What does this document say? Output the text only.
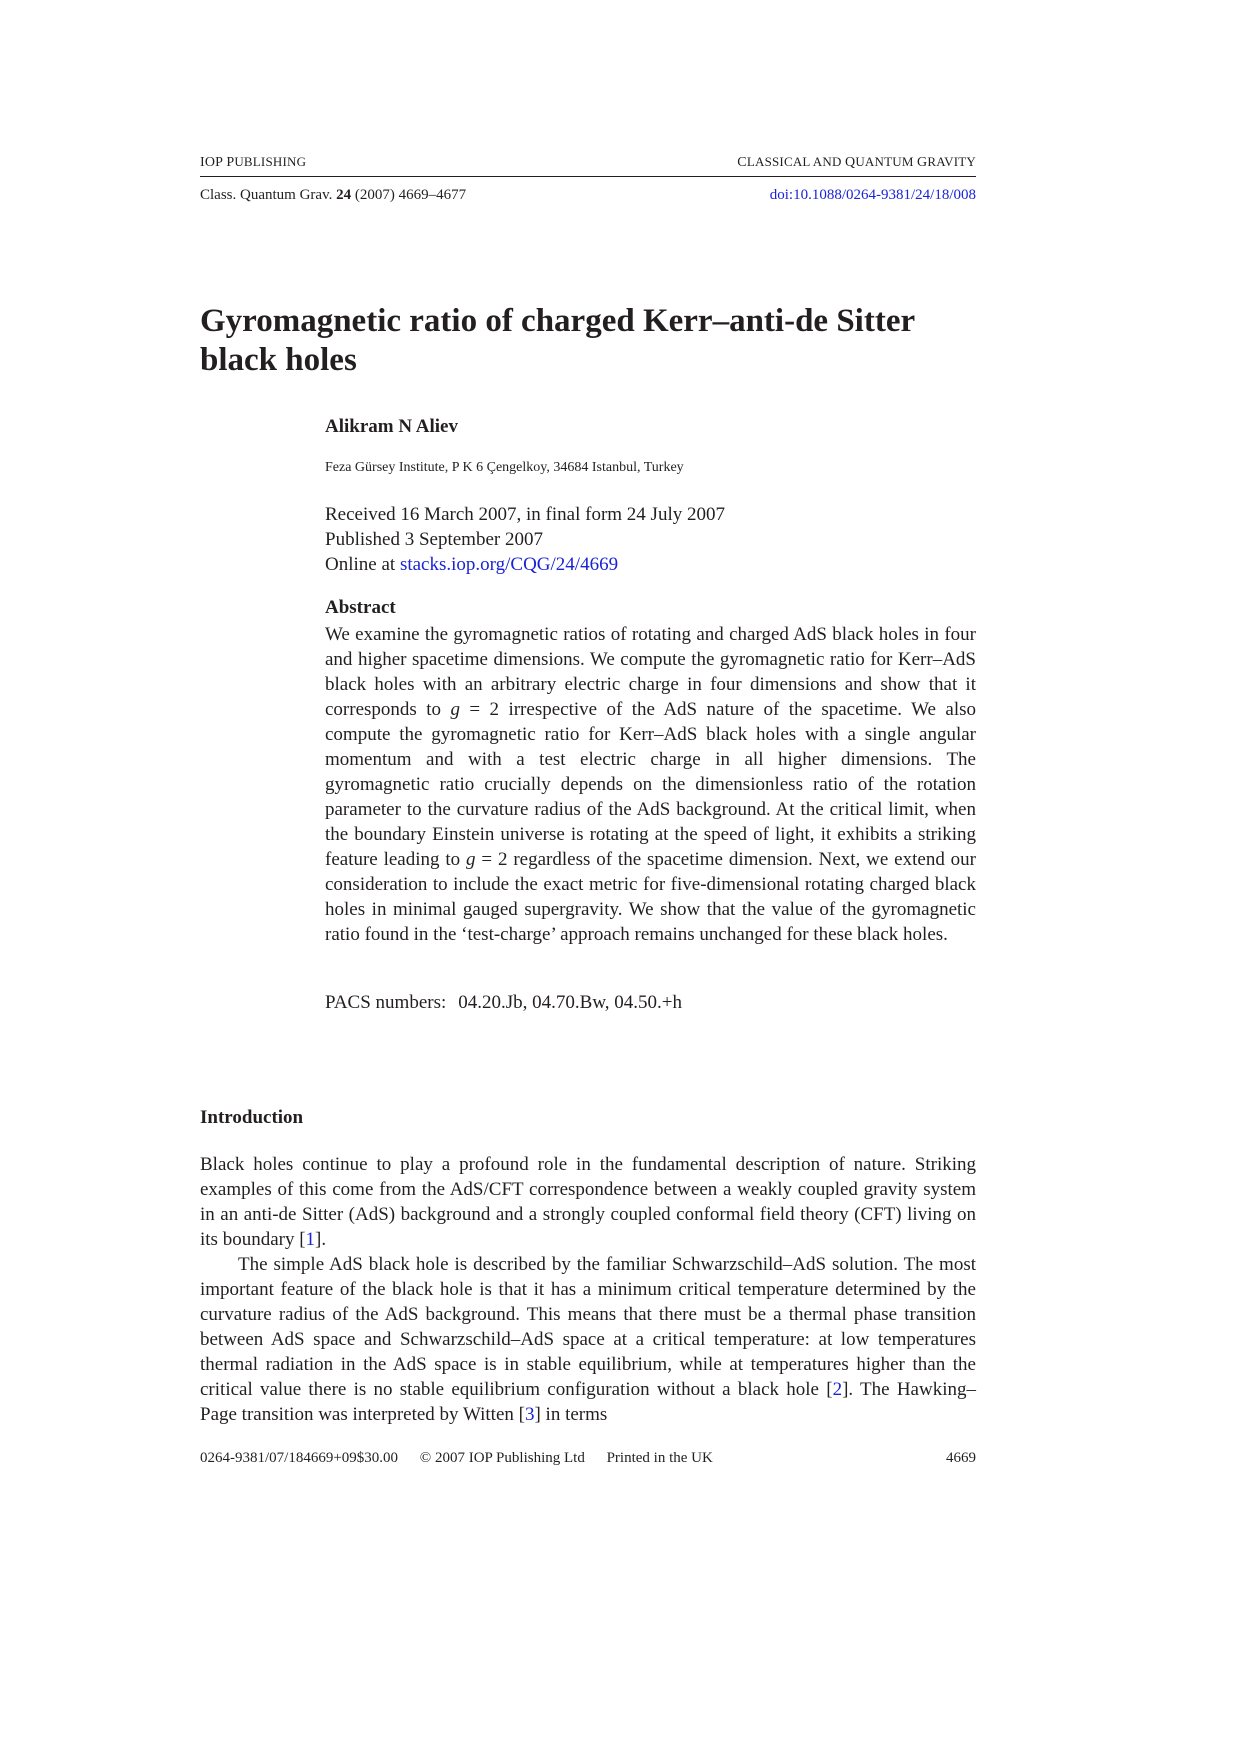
IOP PUBLISHING	CLASSICAL AND QUANTUM GRAVITY
Class. Quantum Grav. 24 (2007) 4669–4677	doi:10.1088/0264-9381/24/18/008
Gyromagnetic ratio of charged Kerr–anti-de Sitter black holes
Alikram N Aliev
Feza Gürsey Institute, P K 6 Çengelkoy, 34684 Istanbul, Turkey
Received 16 March 2007, in final form 24 July 2007
Published 3 September 2007
Online at stacks.iop.org/CQG/24/4669
Abstract

We examine the gyromagnetic ratios of rotating and charged AdS black holes in four and higher spacetime dimensions. We compute the gyromagnetic ratio for Kerr–AdS black holes with an arbitrary electric charge in four dimensions and show that it corresponds to g = 2 irrespective of the AdS nature of the spacetime. We also compute the gyromagnetic ratio for Kerr–AdS black holes with a single angular momentum and with a test electric charge in all higher dimensions. The gyromagnetic ratio crucially depends on the dimensionless ratio of the rotation parameter to the curvature radius of the AdS background. At the critical limit, when the boundary Einstein universe is rotating at the speed of light, it exhibits a striking feature leading to g = 2 regardless of the spacetime dimension. Next, we extend our consideration to include the exact metric for five-dimensional rotating charged black holes in minimal gauged supergravity. We show that the value of the gyromagnetic ratio found in the ‘test-charge’ approach remains unchanged for these black holes.

PACS numbers: 04.20.Jb, 04.70.Bw, 04.50.+h
Introduction

Black holes continue to play a profound role in the fundamental description of nature. Striking examples of this come from the AdS/CFT correspondence between a weakly coupled gravity system in an anti-de Sitter (AdS) background and a strongly coupled conformal field theory (CFT) living on its boundary [1].

The simple AdS black hole is described by the familiar Schwarzschild–AdS solution. The most important feature of the black hole is that it has a minimum critical temperature determined by the curvature radius of the AdS background. This means that there must be a thermal phase transition between AdS space and Schwarzschild–AdS space at a critical temperature: at low temperatures thermal radiation in the AdS space is in stable equilibrium, while at temperatures higher than the critical value there is no stable equilibrium configuration without a black hole [2]. The Hawking–Page transition was interpreted by Witten [3] in terms

0264-9381/07/184669+09$30.00 © 2007 IOP Publishing Ltd Printed in the UK	4669
